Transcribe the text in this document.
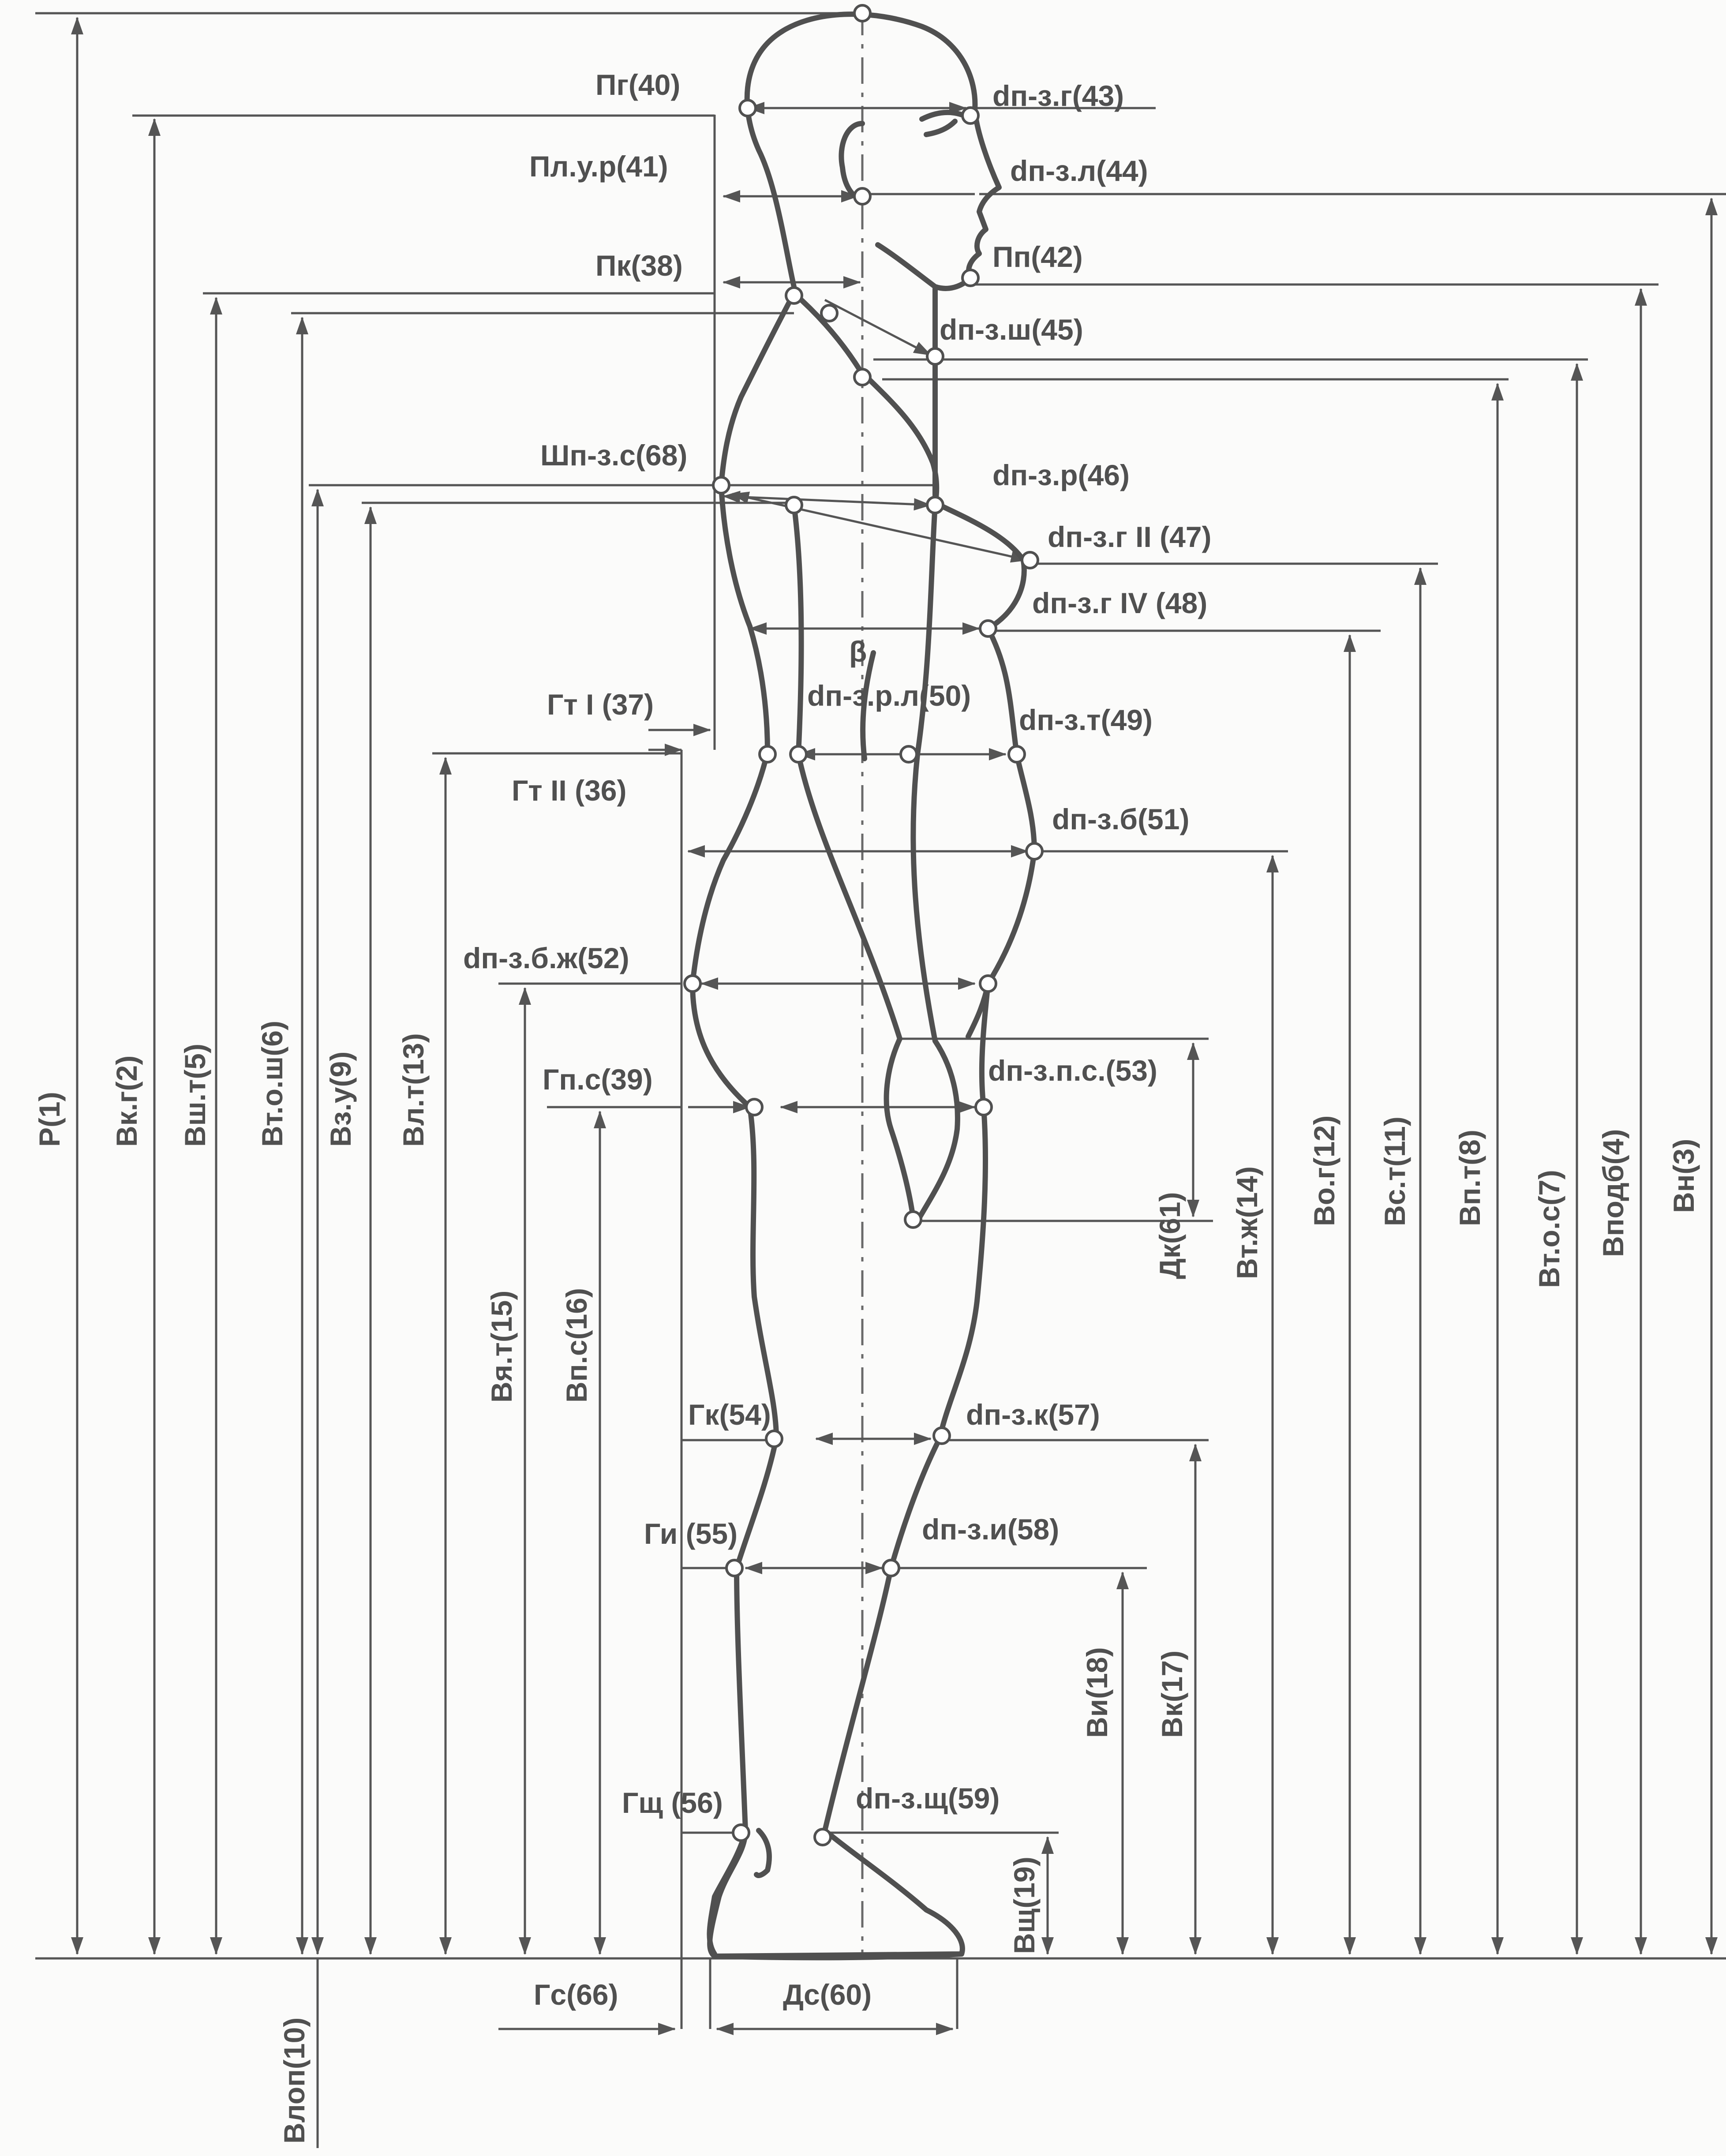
Пг(40)	dп-з.г(43)
Пл.у.р(41)	dп-з.л(44)
Пк(38)	Пп(42)
dп-з.ш(45)
Шп-з.с(68)
dп-з.р(46)
dп-з.г II (47)
dп-з.г IV (48)
β
Гт I (37)	dп-з.р.л(50)
dп-з.т(49)
Гт II (36)
dп-з.б(51)
dп-з.б.ж(52)
dп-з.п.с.(53)
Гп.с(39)
Гк(54)	dп-з.к(57)
Ги (55)	dп-з.и(58)
Гщ (56)	dп-з.щ(59)
Гс(66)	Дс(60)
Р(1) Вк.г(2) Вш.т(5) Вт.о.ш(6) Вз.у(9) Вл.т(13)
Вя.т(15) Вп.с(16)
Дк(61) Вт.ж(14) Во.г(12) Вс.т(11) Вп.т(8) Вт.о.с(7) Вподб(4) Вн(3)
Ви(18) Вк(17)
Вщ(19)
Влоп(10)
